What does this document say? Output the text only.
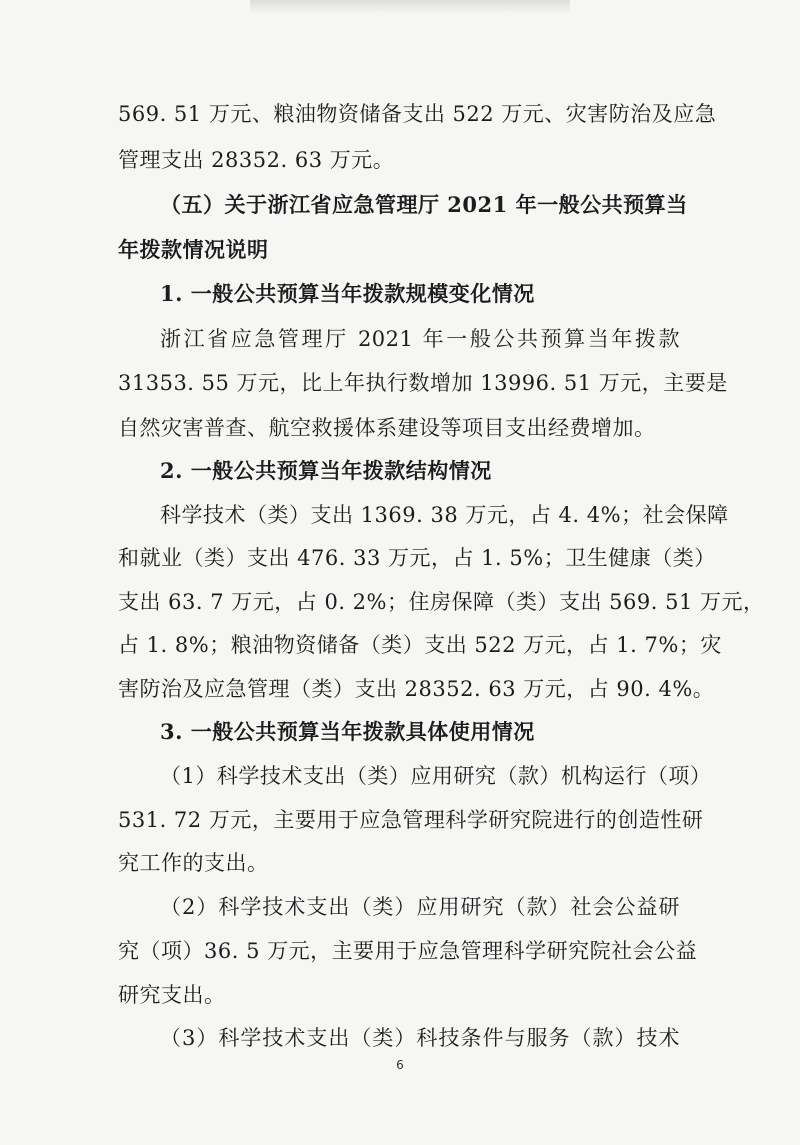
569. 51 万元、粮油物资储备支出 522 万元、灾害防治及应急
管理支出 28352. 63 万元。
（五）关于浙江省应急管理厅 2021 年一般公共预算当
年拨款情况说明
1. 一般公共预算当年拨款规模变化情况
浙江省应急管理厅 2021 年一般公共预算当年拨款
31353. 55 万元，比上年执行数增加 13996. 51 万元，主要是
自然灾害普查、航空救援体系建设等项目支出经费增加。
2. 一般公共预算当年拨款结构情况
科学技术（类）支出 1369. 38 万元，占 4. 4%；社会保障
和就业（类）支出 476. 33 万元，占 1. 5%；卫生健康（类）
支出 63. 7 万元，占 0. 2%；住房保障（类）支出 569. 51 万元，
占 1. 8%；粮油物资储备（类）支出 522 万元，占 1. 7%；灾
害防治及应急管理（类）支出 28352. 63 万元，占 90. 4%。
3. 一般公共预算当年拨款具体使用情况
（1）科学技术支出（类）应用研究（款）机构运行（项）
531. 72 万元，主要用于应急管理科学研究院进行的创造性研
究工作的支出。
（2）科学技术支出（类）应用研究（款）社会公益研
究（项）36. 5 万元，主要用于应急管理科学研究院社会公益
研究支出。
（3）科学技术支出（类）科技条件与服务（款）技术
6
